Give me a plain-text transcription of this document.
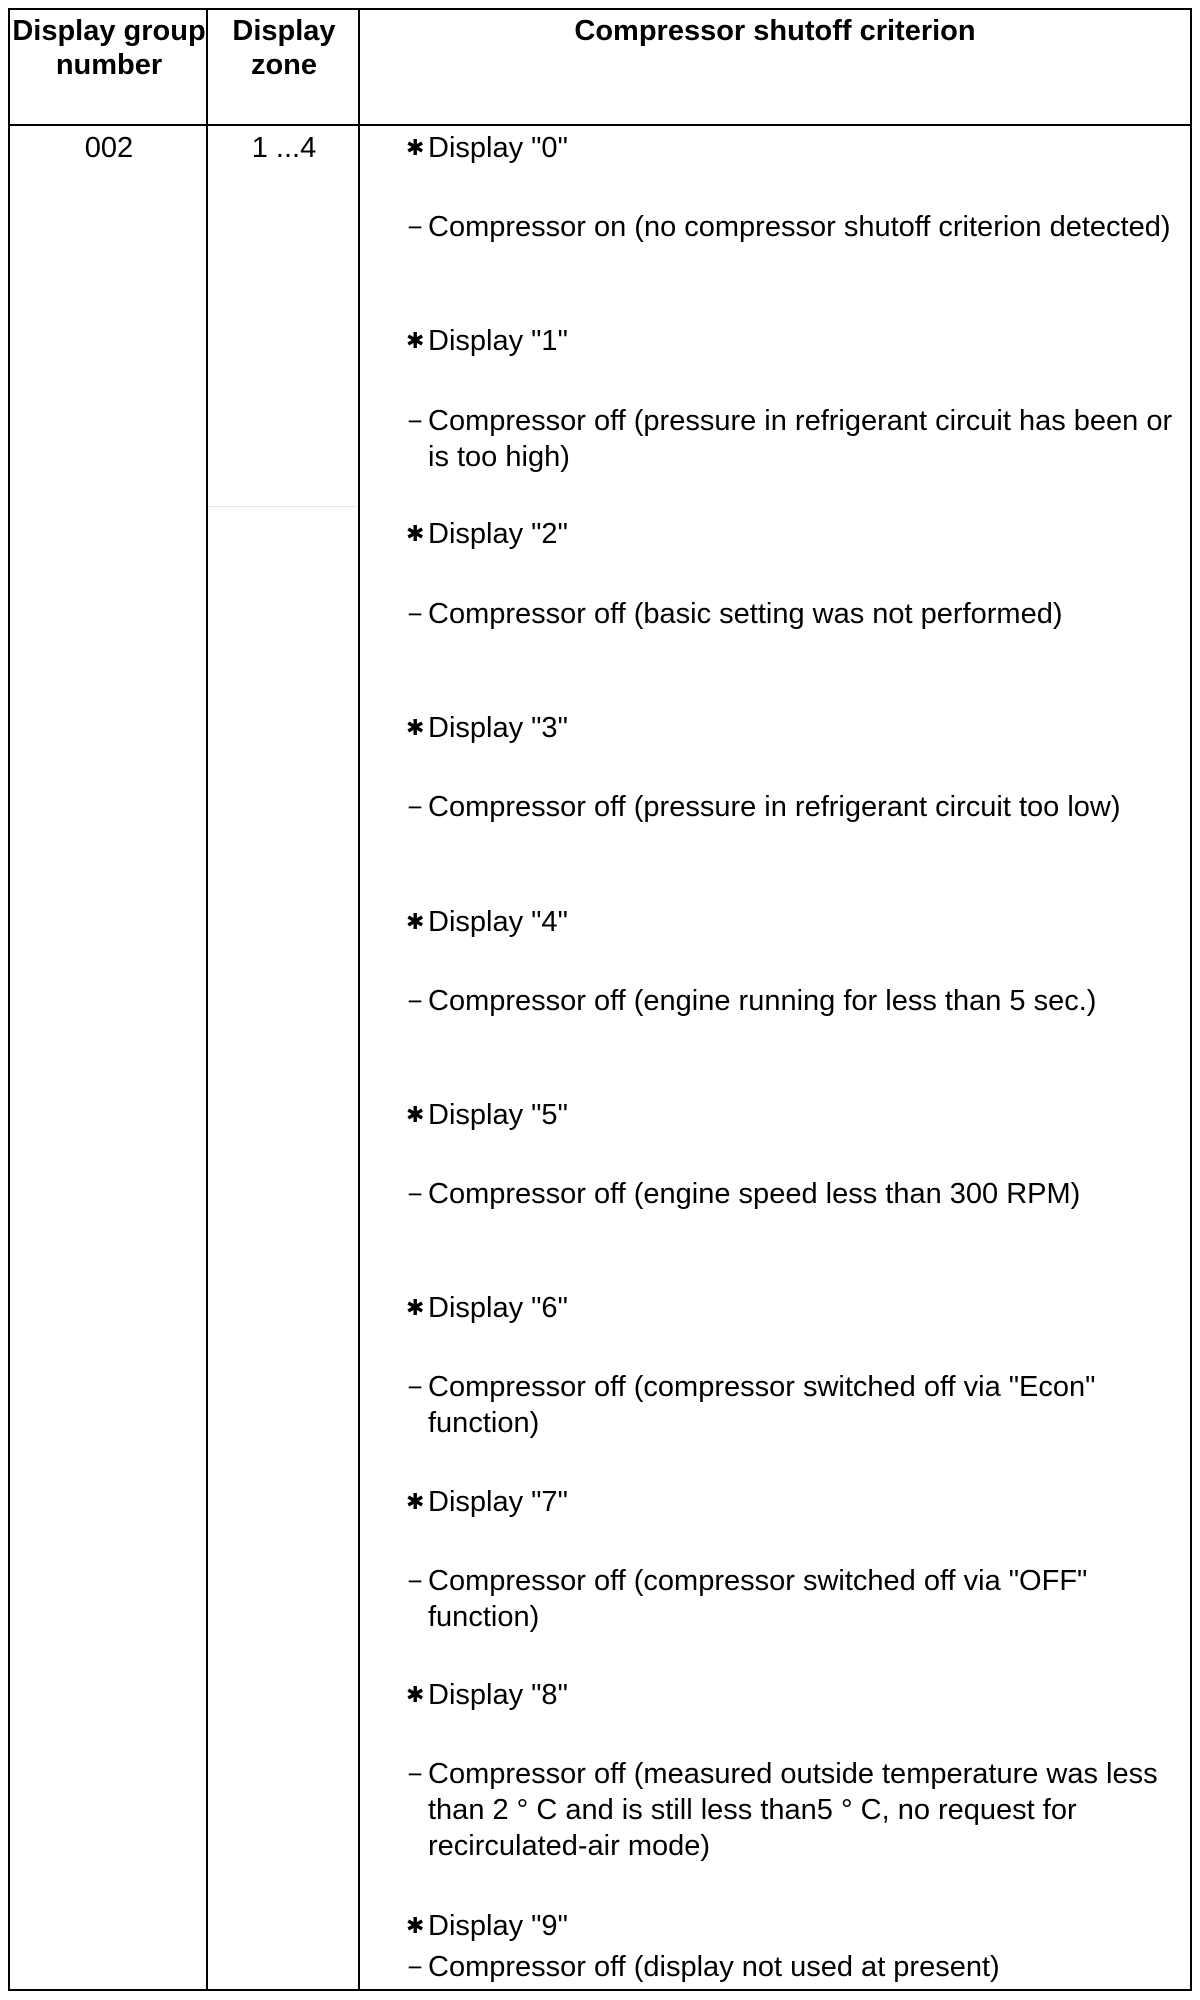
Display group number
Display zone
Compressor shutoff criterion
002	1 ...4	✱ Display "0"
− Compressor on (no compressor shutoff criterion detected)
✱ Display "1"
− Compressor off (pressure in refrigerant circuit has been or is too high)
✱ Display "2"
− Compressor off (basic setting was not performed)
✱ Display "3"
− Compressor off (pressure in refrigerant circuit too low)
✱ Display "4"
− Compressor off (engine running for less than 5 sec.)
✱ Display "5"
− Compressor off (engine speed less than 300 RPM)
✱ Display "6"
− Compressor off (compressor switched off via "Econ" function)
✱ Display "7"
− Compressor off (compressor switched off via "OFF" function)
✱ Display "8"
− Compressor off (measured outside temperature was less than 2 ° C and is still less than5 ° C, no request for recirculated-air mode)
✱ Display "9"
− Compressor off (display not used at present)
